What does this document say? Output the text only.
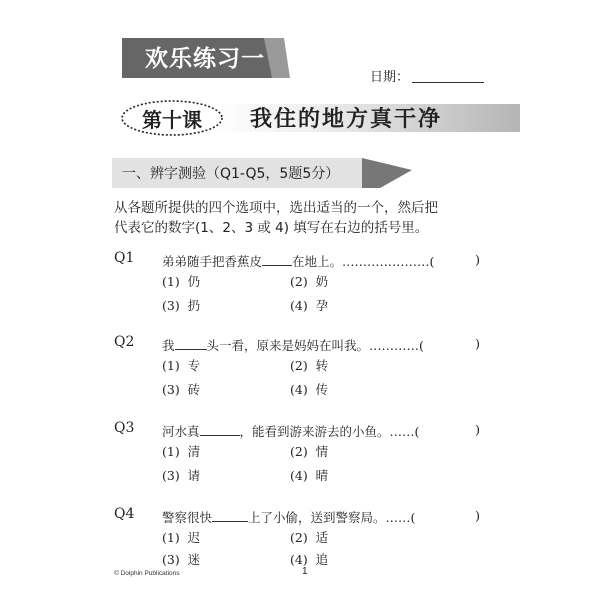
欢乐练习一
日期：
第十课 我住的地方真干净
一、辨字测验（Q1-Q5，5题5分）
从各题所提供的四个选项中，选出适当的一个，然后把
代表它的数字(1、2、3 或 4) 填写在右边的括号里。
Q1 弟弟随手把香蕉皮 在地上。…………………(	)
(1) 仍	(2) 奶
(3) 扔	(4) 孕
Q2 我	头一看，原来是妈妈在叫我。…………(	)
(1) 专	(2) 转
(3) 砖	(4) 传
Q3 河水真	，能看到游来游去的小鱼。……(	)
(1) 清	(2) 情
(3) 请	(4) 晴
Q4 警察很快	上了小偷，送到警察局。……(	)
(1) 迟	(2) 适
(3) 迷	(4) 追
© Dolphin Publications	1
